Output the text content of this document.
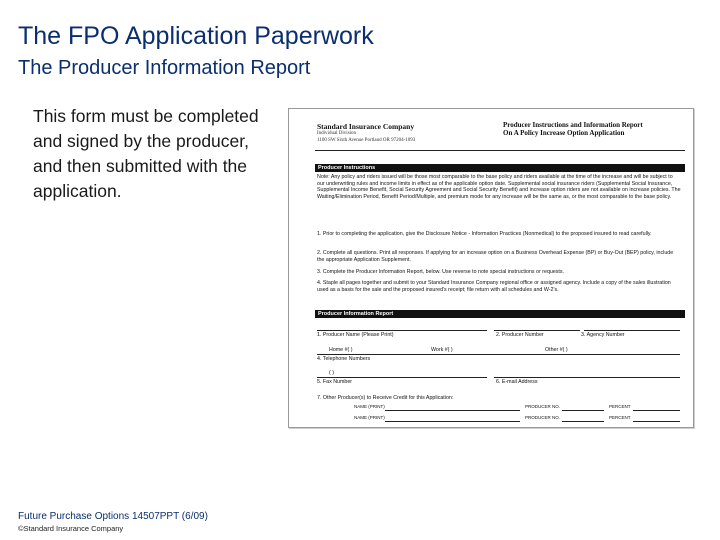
The FPO Application Paperwork
The Producer Information Report
This form must be completed and signed by the producer, and then submitted with the application.
Standard Insurance Company
Individual Division
1100 SW Sixth Avenue Portland OR 97204-1093
Producer Instructions and Information Report
On A Policy Increase Option Application
Producer Instructions
Note: Any policy and riders issued will be those most comparable to the base policy and riders available at the time of the increase and will be subject to our underwriting rules and income limits in effect as of the applicable option date. Supplemental social insurance riders (Supplemental Social Insurance, Supplemental Income Benefit, Social Security Agreement and Social Security Benefit) and increase option riders are not available on increase policies. The Waiting/Elimination Period, Benefit Period/Multiple, and premium mode for any increase will be the same as, or the most comparable to the base policy.
1. Prior to completing the application, give the Disclosure Notice - Information Practices (Nonmedical) to the proposed insured to read carefully.
2. Complete all questions. Print all responses. If applying for an increase option on a Business Overhead Expense (BP) or Buy-Out (BEP) policy, include the appropriate Application Supplement.
3. Complete the Producer Information Report, below. Use reverse to note special instructions or requests.
4. Staple all pages together and submit to your Standard Insurance Company regional office or assigned agency. Include a copy of the sales illustration used as a basis for the sale and the proposed insured's receipt; file return with all schedules and W-2's.
Producer Information Report
1. Producer Name (Please Print)	2. Producer Number	3. Agency Number
Home #( )	Work #( )	Other #( )
4. Telephone Numbers
( )
5. Fax Number	6. E-mail Address
7. Other Producer(s) to Receive Credit for this Application:
NAME (PRINT)	PRODUCER NO.	PERCENT
NAME (PRINT)	PRODUCER NO.	PERCENT
Future Purchase Options 14507PPT (6/09)
©Standard Insurance Company
